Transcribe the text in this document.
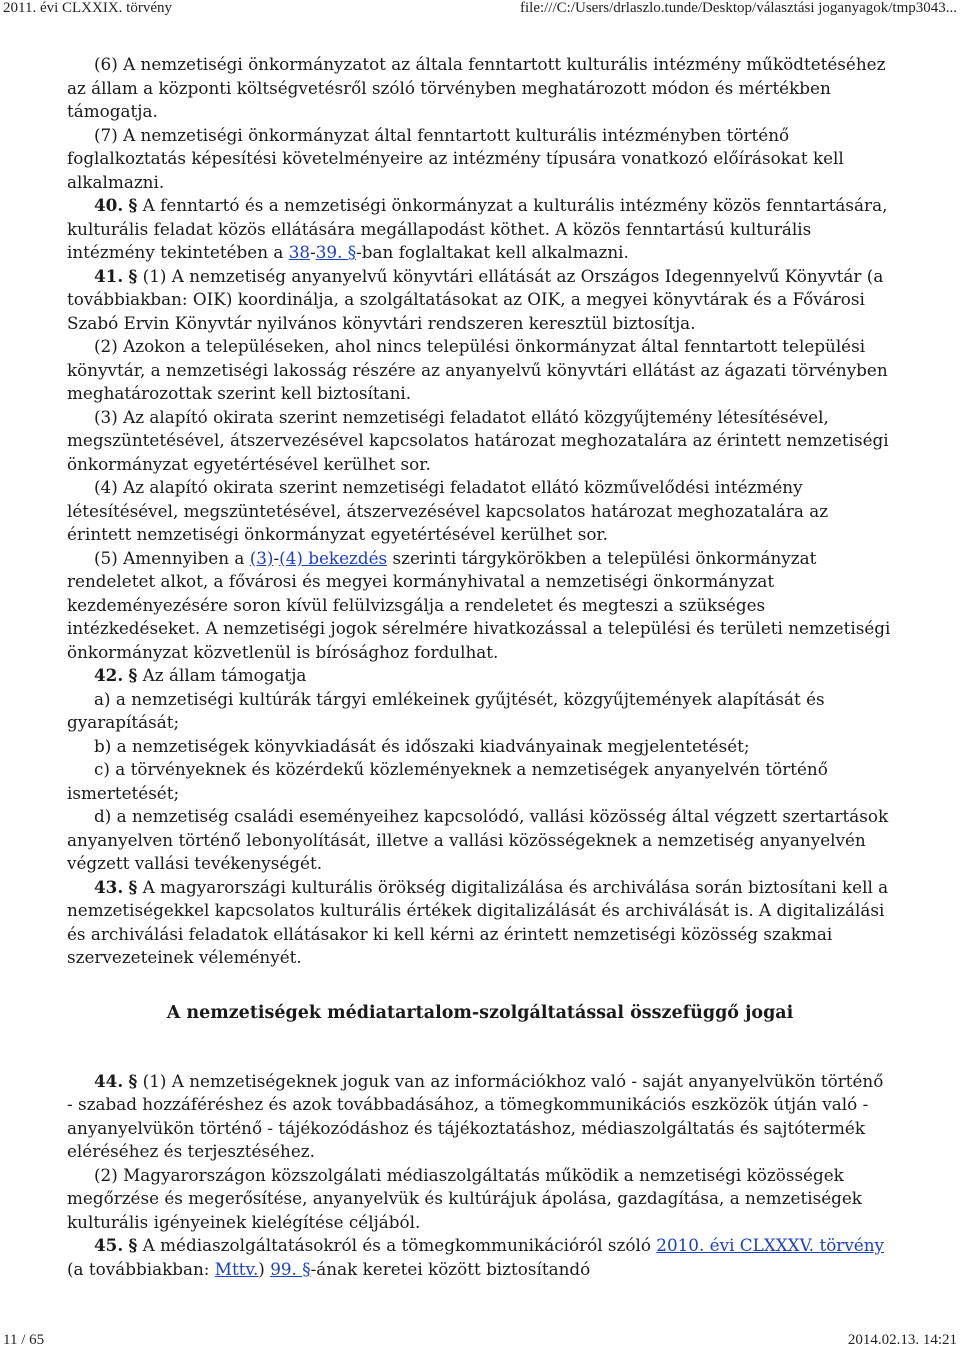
2011. évi CLXXIX. törvény	file:///C:/Users/drlaszlo.tunde/Desktop/választási joganyagok/tmp3043...

(6) A nemzetiségi önkormányzatot az általa fenntartott kulturális intézmény működtetéséhez az állam a központi költségvetésről szóló törvényben meghatározott módon és mértékben támogatja.

(7) A nemzetiségi önkormányzat által fenntartott kulturális intézményben történő foglalkoztatás képesítési követelményeire az intézmény típusára vonatkozó előírásokat kell alkalmazni.

40. § A fenntartó és a nemzetiségi önkormányzat a kulturális intézmény közös fenntartására, kulturális feladat közös ellátására megállapodást köthet. A közös fenntartású kulturális intézmény tekintetében a 38-39. §-ban foglaltakat kell alkalmazni.

41. § (1) A nemzetiség anyanyelvű könyvtári ellátását az Országos Idegennyelvű Könyvtár (a továbbiakban: OIK) koordinálja, a szolgáltatásokat az OIK, a megyei könyvtárak és a Fővárosi Szabó Ervin Könyvtár nyilvános könyvtári rendszeren keresztül biztosítja.

(2) Azokon a településeken, ahol nincs települési önkormányzat által fenntartott települési könyvtár, a nemzetiségi lakosság részére az anyanyelvű könyvtári ellátást az ágazati törvényben meghatározottak szerint kell biztosítani.

(3) Az alapító okirata szerint nemzetiségi feladatot ellátó közgyűjtemény létesítésével, megszüntetésével, átszervezésével kapcsolatos határozat meghozatalára az érintett nemzetiségi önkormányzat egyetértésével kerülhet sor.

(4) Az alapító okirata szerint nemzetiségi feladatot ellátó közművelődési intézmény létesítésével, megszüntetésével, átszervezésével kapcsolatos határozat meghozatalára az érintett nemzetiségi önkormányzat egyetértésével kerülhet sor.

(5) Amennyiben a (3)-(4) bekezdés szerinti tárgykörökben a települési önkormányzat rendeletet alkot, a fővárosi és megyei kormányhivatal a nemzetiségi önkormányzat kezdeményezésére soron kívül felülvizsgálja a rendeletet és megteszi a szükséges intézkedéseket. A nemzetiségi jogok sérelmére hivatkozással a települési és területi nemzetiségi önkormányzat közvetlenül is bírósághoz fordulhat.

42. § Az állam támogatja

a) a nemzetiségi kultúrák tárgyi emlékeinek gyűjtését, közgyűjtemények alapítását és gyarapítását;

b) a nemzetiségek könyvkiadását és időszaki kiadványainak megjelentetését;

c) a törvényeknek és közérdekű közleményeknek a nemzetiségek anyanyelvén történő ismertetését;

d) a nemzetiség családi eseményeihez kapcsolódó, vallási közösség által végzett szertartások anyanyelven történő lebonyolítását, illetve a vallási közösségeknek a nemzetiség anyanyelvén végzett vallási tevékenységét.

43. § A magyarországi kulturális örökség digitalizálása és archiválása során biztosítani kell a nemzetiségekkel kapcsolatos kulturális értékek digitalizálását és archiválását is. A digitalizálási és archiválási feladatok ellátásakor ki kell kérni az érintett nemzetiségi közösség szakmai szervezeteinek véleményét.

A nemzetiségek médiatartalom-szolgáltatással összefüggő jogai

44. § (1) A nemzetiségeknek joguk van az információkhoz való - saját anyanyelvükön történő - szabad hozzáféréshez és azok továbbadásához, a tömegkommunikációs eszközök útján való - anyanyelvükön történő - tájékozódáshoz és tájékoztatáshoz, médiaszolgáltatás és sajtótermék eléréséhez és terjesztéséhez.

(2) Magyarországon közszolgálati médiaszolgáltatás működik a nemzetiségi közösségek megőrzése és megerősítése, anyanyelvük és kultúrájuk ápolása, gazdagítása, a nemzetiségek kulturális igényeinek kielégítése céljából.

45. § A médiaszolgáltatásokról és a tömegkommunikációról szóló 2010. évi CLXXXV. törvény (a továbbiakban: Mttv.) 99. §-ának keretei között biztosítandó

11 / 65	2014.02.13. 14:21
